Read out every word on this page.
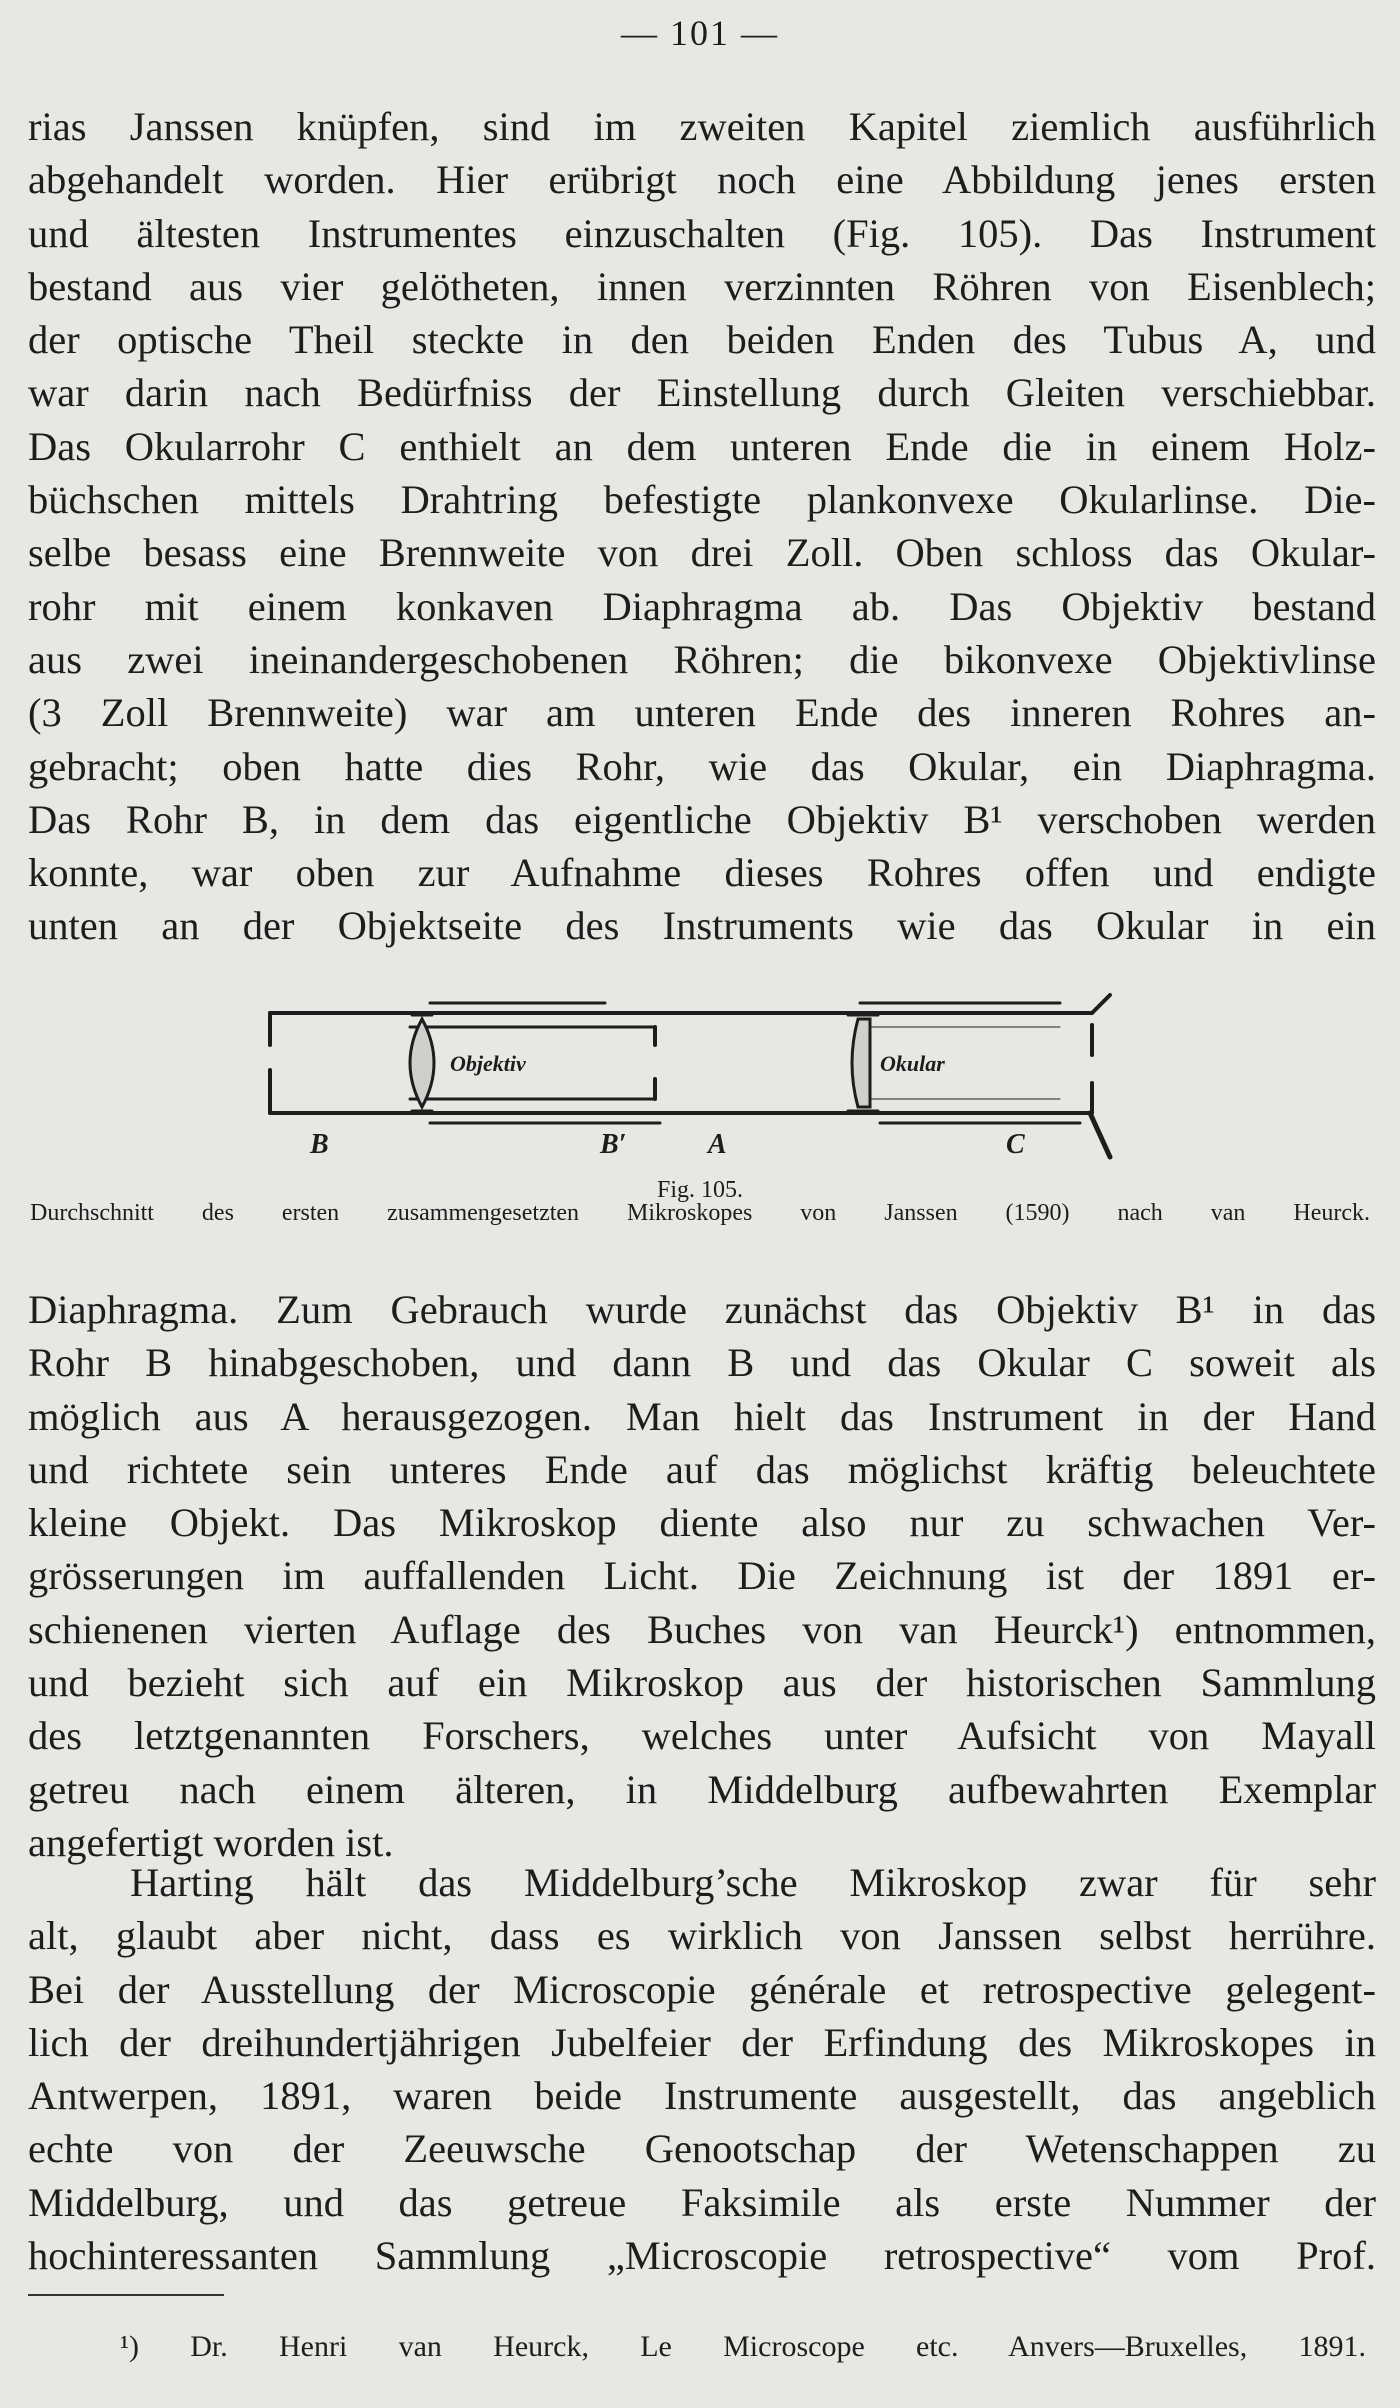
— 101 —
rias Janssen knüpfen, sind im zweiten Kapitel ziemlich ausführlich
abgehandelt worden. Hier erübrigt noch eine Abbildung jenes ersten
und ältesten Instrumentes einzuschalten (Fig. 105). Das Instrument
bestand aus vier gelötheten, innen verzinnten Röhren von Eisenblech;
der optische Theil steckte in den beiden Enden des Tubus A, und
war darin nach Bedürfniss der Einstellung durch Gleiten verschiebbar.
Das Okularrohr C enthielt an dem unteren Ende die in einem Holz-
büchschen mittels Drahtring befestigte plankonvexe Okularlinse. Die-
selbe besass eine Brennweite von drei Zoll. Oben schloss das Okular-
rohr mit einem konkaven Diaphragma ab. Das Objektiv bestand
aus zwei ineinandergeschobenen Röhren; die bikonvexe Objektivlinse
(3 Zoll Brennweite) war am unteren Ende des inneren Rohres an-
gebracht; oben hatte dies Rohr, wie das Okular, ein Diaphragma.
Das Rohr B, in dem das eigentliche Objektiv B¹ verschoben werden
konnte, war oben zur Aufnahme dieses Rohres offen und endigte
unten an der Objektseite des Instruments wie das Okular in ein
Objektiv	Okular
B	B′	A	C
Fig. 105.
Durchschnitt des ersten zusammengesetzten Mikroskopes von Janssen (1590) nach van Heurck.
Diaphragma. Zum Gebrauch wurde zunächst das Objektiv B¹ in das
Rohr B hinabgeschoben, und dann B und das Okular C soweit als
möglich aus A herausgezogen. Man hielt das Instrument in der Hand
und richtete sein unteres Ende auf das möglichst kräftig beleuchtete
kleine Objekt. Das Mikroskop diente also nur zu schwachen Ver-
grösserungen im auffallenden Licht. Die Zeichnung ist der 1891 er-
schienenen vierten Auflage des Buches von van Heurck¹) entnommen,
und bezieht sich auf ein Mikroskop aus der historischen Sammlung
des letztgenannten Forschers, welches unter Aufsicht von Mayall
getreu nach einem älteren, in Middelburg aufbewahrten Exemplar
angefertigt worden ist.
Harting hält das Middelburg’sche Mikroskop zwar für sehr
alt, glaubt aber nicht, dass es wirklich von Janssen selbst herrühre.
Bei der Ausstellung der Microscopie générale et retrospective gelegent-
lich der dreihundertjährigen Jubelfeier der Erfindung des Mikroskopes in
Antwerpen, 1891, waren beide Instrumente ausgestellt, das angeblich
echte von der Zeeuwsche Genootschap der Wetenschappen zu
Middelburg, und das getreue Faksimile als erste Nummer der
hochinteressanten Sammlung „Microscopie retrospective“ vom Prof.
¹) Dr. Henri van Heurck, Le Microscope etc. Anvers—Bruxelles, 1891.
